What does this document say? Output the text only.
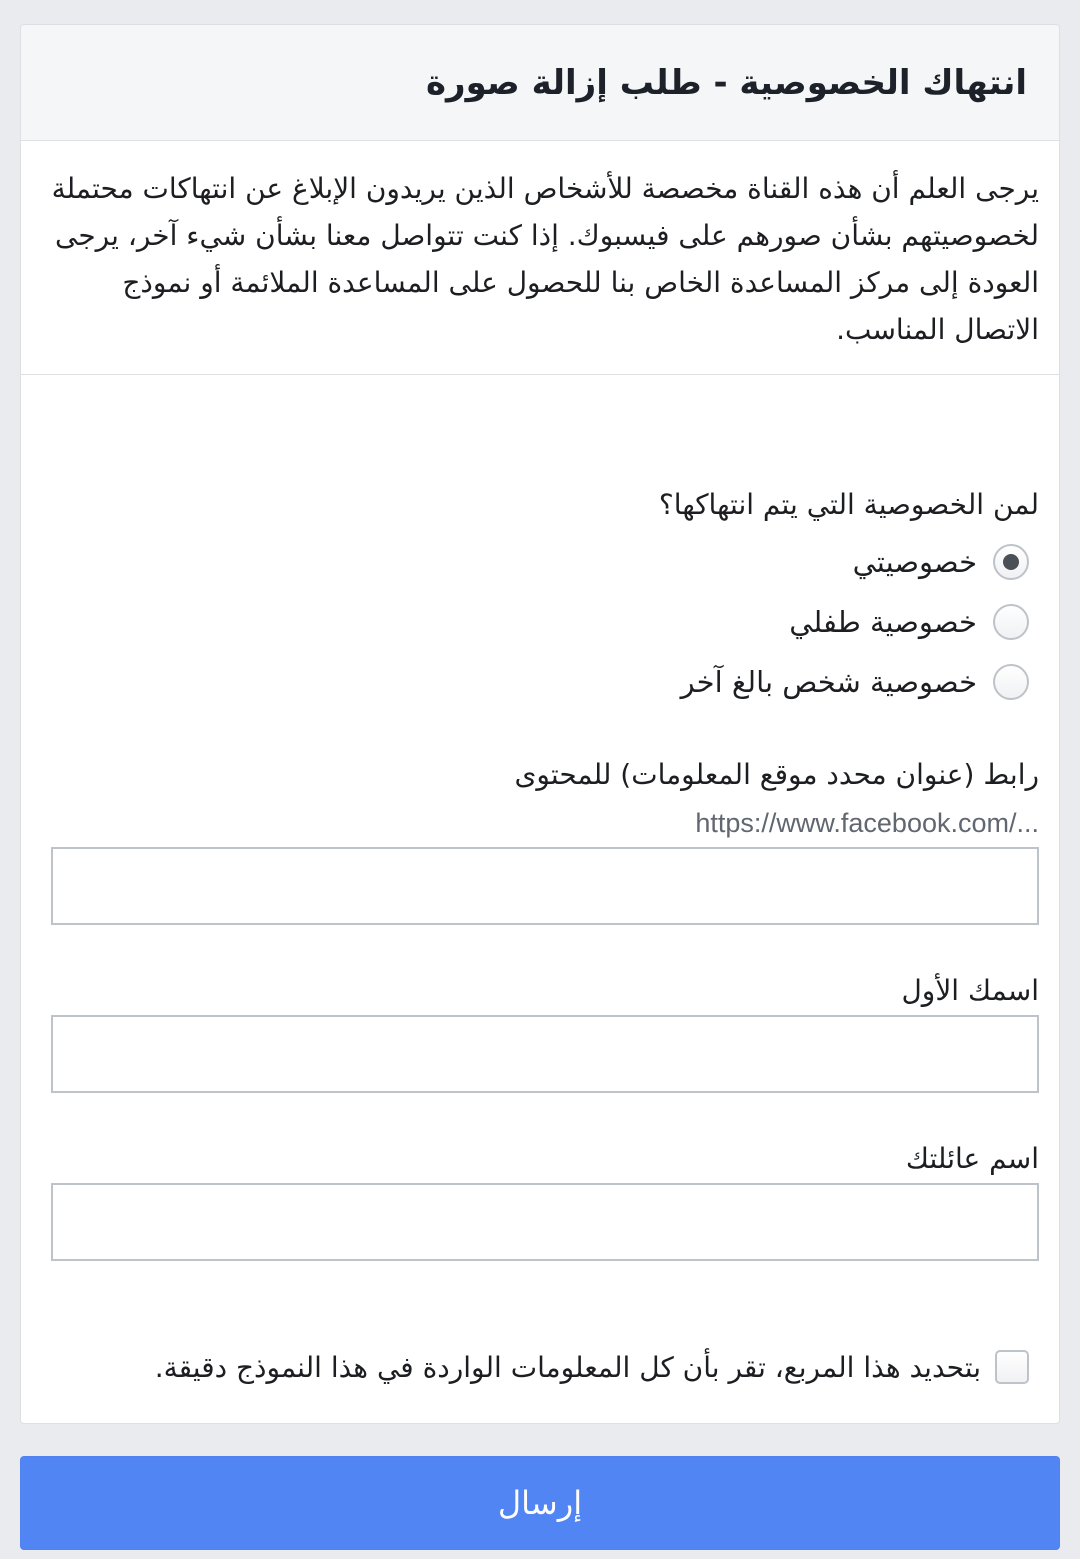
انتهاك الخصوصية - طلب إزالة صورة

يرجى العلم أن هذه القناة مخصصة للأشخاص الذين يريدون الإبلاغ عن انتهاكات محتملة لخصوصيتهم بشأن صورهم على فيسبوك. إذا كنت تتواصل معنا بشأن شيء آخر، يرجى العودة إلى مركز المساعدة الخاص بنا للحصول على المساعدة الملائمة أو نموذج الاتصال المناسب.

لمن الخصوصية التي يتم انتهاكها؟

خصوصيتي
خصوصية طفلي
خصوصية شخص بالغ آخر

رابط (عنوان محدد موقع المعلومات) للمحتوى

https://www.facebook.com/...

اسمك الأول

اسم عائلتك

بتحديد هذا المربع، تقر بأن كل المعلومات الواردة في هذا النموذج دقيقة.
إرسال
